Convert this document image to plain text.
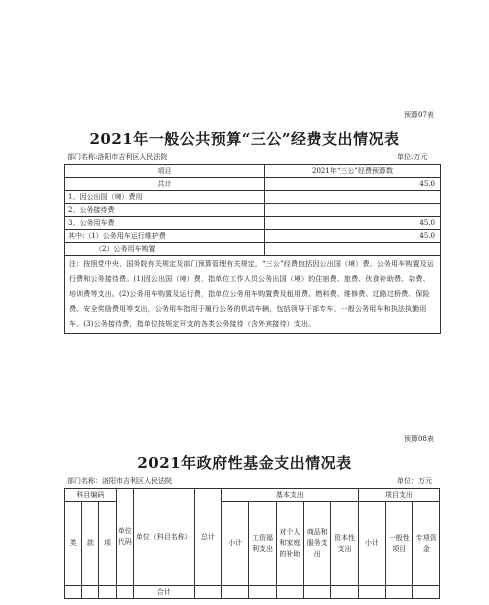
预算07表
2021年一般公共预算“三公”经费支出情况表
部门名称:洛阳市吉利区人民法院	单位:万元
项目	2021年“三公”经费预算数
共计	45.0
1、因公出国（境）费用	
2、公务接待费	
3、公务用车费	45.0
其中:（1）公务用车运行维护费	45.0
（2）公务用车购置	
注：按照党中央、国务院有关规定及部门预算管理有关规定，“三公”经费包括因公出国（境）费、公务用车购置及运行费和公务接待费。(1)因公出国（境）费，指单位工作人员公务出国（境）的住宿费、旅费、伙食补助费、杂费、培训费等支出。(2)公务用车购置及运行费，指单位公务用车购置费及租用费、燃料费、维修费、过路过桥费、保险费、安全奖励费用等支出，公务用车指用于履行公务的机动车辆，包括领导干部专车、一般公务用车和执法执勤用车。(3)公务接待费，指单位按规定开支的各类公务接待（含外宾接待）支出。	
预算08表
2021年政府性基金支出情况表
部门名称：洛阳市吉利区人民法院	单位：万元
科目编码			单位代码	单位（科目名称）	总计	基本支出					项目支出		
类	款	项				小计	工资福利支出	对个人和家庭的补助	商品和服务支出	资本性支出	小计	一般性项目	专项资金
				合计									
